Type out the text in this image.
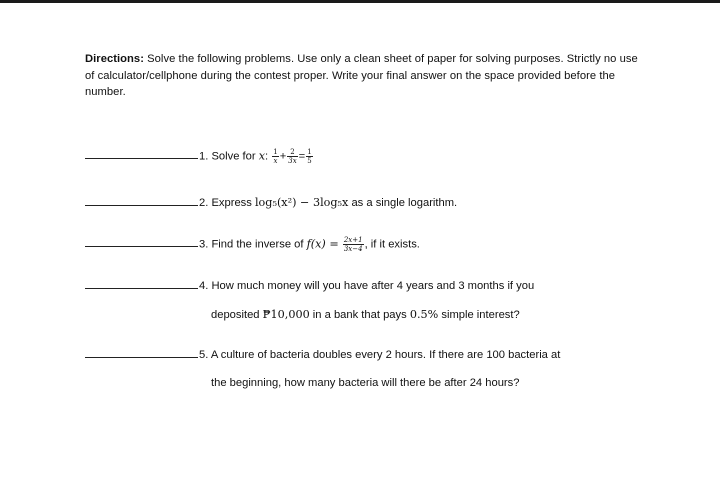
Directions: Solve the following problems. Use only a clean sheet of paper for solving purposes. Strictly no use of calculator/cellphone during the contest proper. Write your final answer on the space provided before the number.
1. Solve for x: $\frac{1}{x} + \frac{2}{3x} = \frac{1}{5}$
2. Express log₅(x²) − 3log₅x as a single logarithm.
3. Find the inverse of $f(x) = \frac{2x+1}{3x-4}$ , if it exists.
4. How much money will you have after 4 years and 3 months if you
deposited ₱10,000 in a bank that pays 0.5% simple interest?
5. A culture of bacteria doubles every 2 hours. If there are 100 bacteria at
the beginning, how many bacteria will there be after 24 hours?
